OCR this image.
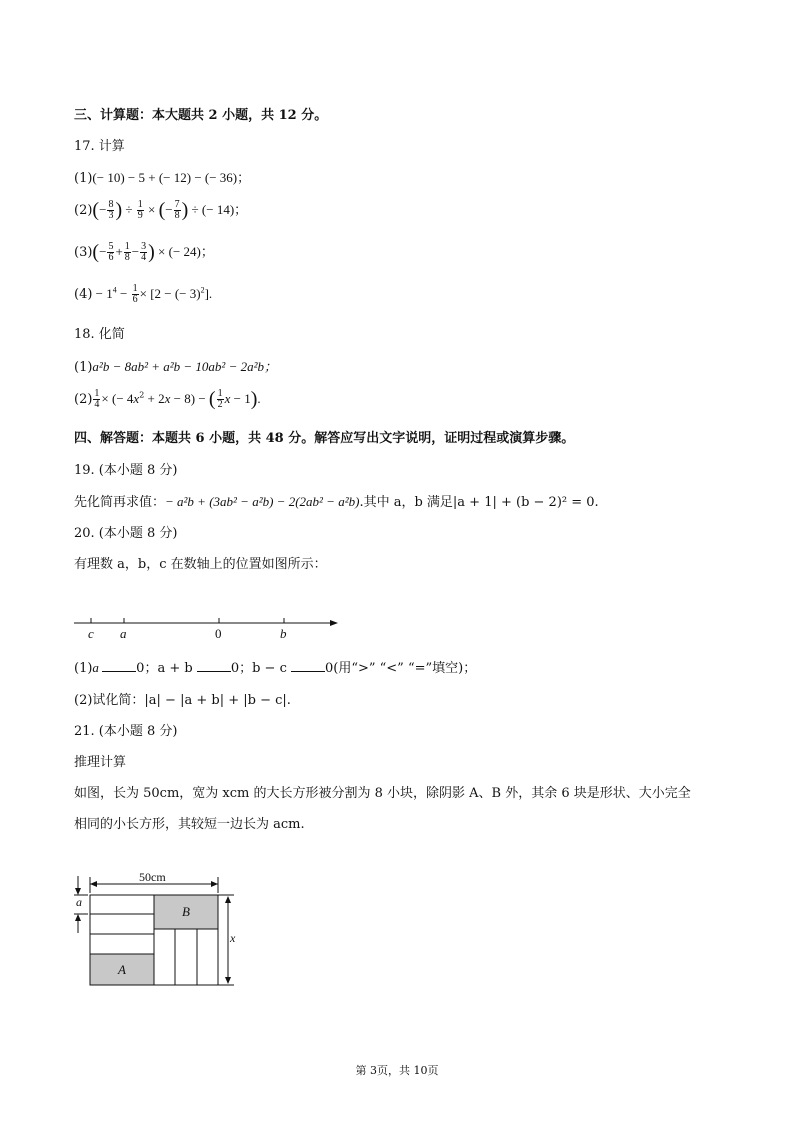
三、计算题：本大题共 2 小题，共 12 分。
17. 计算
(1)(− 10) − 5 + (− 12) − (− 36)；
$(2)(- \frac{8}{3}$ ) ÷ $\frac{1}{9}$ × (− $\frac{7}{8}$ ) ÷ (− 14)；
$(3)(- \frac{5}{6} + \frac{1}{8} - \frac{3}{4}$ ) × (− 24)；
$(4) - 1^4 - \frac{1}{6} \times [2$ − (− 3)$^2$].
18. 化简
(1)a²b − 8ab² + a²b − 10ab² − 2a²b；
$(2) \frac{1}{4}$ × (− $4x^2 + 2x - 8$) − ( $\frac{1}{2}$ x − 1).
四、解答题：本题共 6 小题，共 48 分。解答应写出文字说明，证明过程或演算步骤。
19. (本小题 8 分)
先化简再求值：− a²b + (3ab² − a²b) − 2(2ab² − a²b).其中 a，b 满足|a + 1| + (b − 2)² = 0.
20. (本小题 8 分)
有理数 a，b，c 在数轴上的位置如图所示：
c a	0	b
(1)a	0；a + b	0；b − c	0(用“>” “<” “=”填空)；
(2)试化简：|a| − |a + b| + |b − c|.
21. (本小题 8 分)
推理计算
如图，长为 50cm，宽为 xcm 的大长方形被分割为 8 小块，除阴影 A、B 外，其余 6 块是形状、大小完全
相同的小长方形，其较短一边长为 acm.
50cm
a
x
B
A
第 3页，共 10页
